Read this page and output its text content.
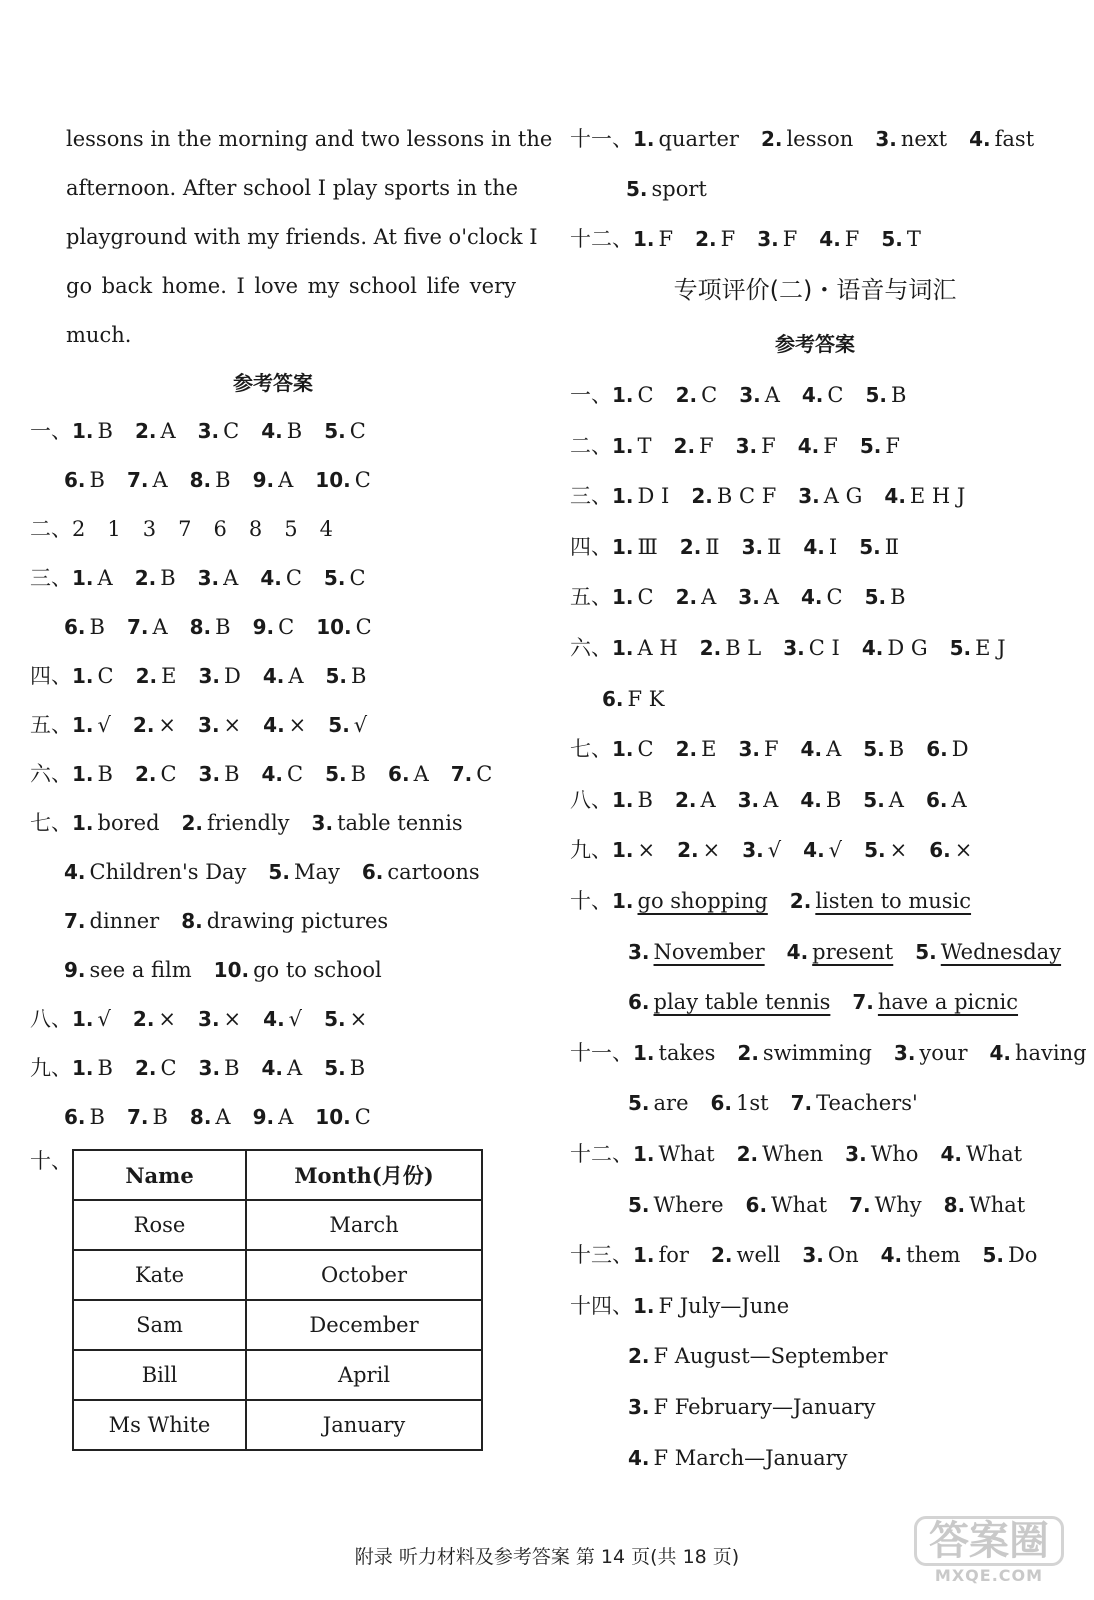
lessons in the morning and two lessons in the
afternoon. After school I play sports in the
playground with my friends. At five o'clock I
go back home. I love my school life very
much.
参考答案
一、1. B 2. A 3. C 4. B 5. C
6. B 7. A 8. B 9. A 10. C
二、2 1 3 7 6 8 5 4
三、1. A 2. B 3. A 4. C 5. C
6. B 7. A 8. B 9. C 10. C
四、1. C 2. E 3. D 4. A 5. B
五、1. √ 2. × 3. × 4. × 5. √
六、1. B 2. C 3. B 4. C 5. B 6. A 7. C
七、1. bored 2. friendly 3. table tennis
4. Children's Day 5. May 6. cartoons
7. dinner 8. drawing pictures
9. see a film 10. go to school
八、1. √ 2. × 3. × 4. √ 5. ×
九、1. B 2. C 3. B 4. A 5. B
6. B 7. B 8. A 9. A 10. C
十、
Name	Month(月份)
Rose	March
Kate	October
Sam	December
Bill	April
Ms White	January
十一、1. quarter 2. lesson 3. next 4. fast
5. sport
十二、1. F 2. F 3. F 4. F 5. T
专项评价(二)・语音与词汇
参考答案
一、1. C 2. C 3. A 4. C 5. B
二、1. T 2. F 3. F 4. F 5. F
三、1. D I 2. B C F 3. A G 4. E H J
四、1. Ⅲ 2. Ⅱ 3. Ⅱ 4. Ⅰ 5. Ⅱ
五、1. C 2. A 3. A 4. C 5. B
六、1. A H 2. B L 3. C I 4. D G 5. E J
6. F K
七、1. C 2. E 3. F 4. A 5. B 6. D
八、1. B 2. A 3. A 4. B 5. A 6. A
九、1. × 2. × 3. √ 4. √ 5. × 6. ×
十、1. go shopping 2. listen to music
3. November 4. present 5. Wednesday
6. play table tennis 7. have a picnic
十一、1. takes 2. swimming 3. your 4. having
5. are 6. 1st 7. Teachers'
十二、1. What 2. When 3. Who 4. What
5. Where 6. What 7. Why 8. What
十三、1. for 2. well 3. On 4. them 5. Do
十四、1. F July—June
2. F August—September
3. F February—January
4. F March—January
附录 听力材料及参考答案 第 14 页(共 18 页)	答案圈
MXQE.COM
